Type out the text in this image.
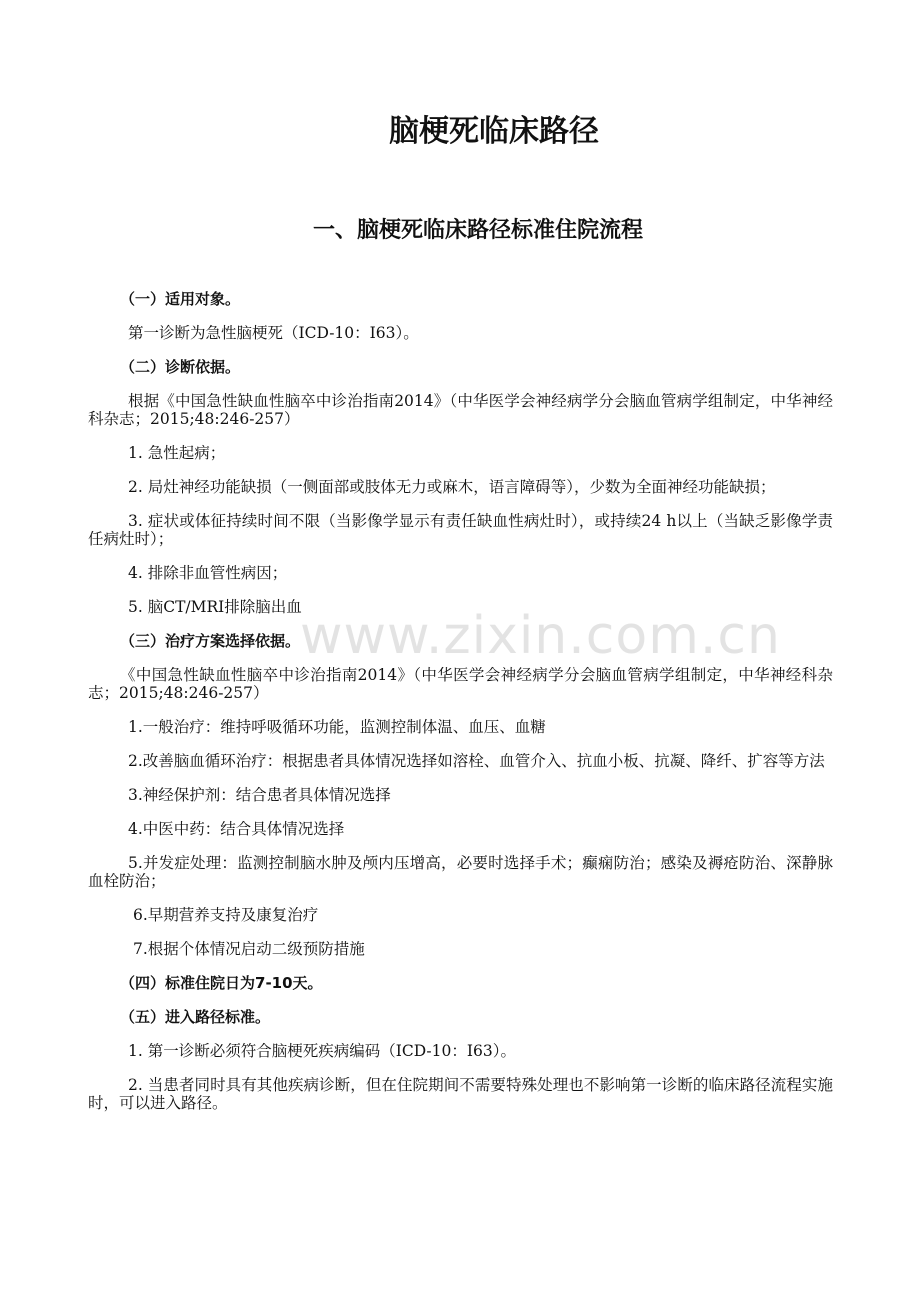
www.zixin.com.cn
脑梗死临床路径
一、脑梗死临床路径标准住院流程

（一）适用对象。

第一诊断为急性脑梗死（ICD-10：I63）。

（二）诊断依据。

根据《中国急性缺血性脑卒中诊治指南2014》（中华医学会神经病学分会脑血管病学组制定，中华神经科杂志；2015;48:246-257）

1. 急性起病；

2. 局灶神经功能缺损（一侧面部或肢体无力或麻木，语言障碍等），少数为全面神经功能缺损；

3. 症状或体征持续时间不限（当影像学显示有责任缺血性病灶时），或持续24 h以上（当缺乏影像学责任病灶时）；

4. 排除非血管性病因；

5. 脑CT/MRI排除脑出血

（三）治疗方案选择依据。

《中国急性缺血性脑卒中诊治指南2014》（中华医学会神经病学分会脑血管病学组制定，中华神经科杂志；2015;48:246-257）

1.一般治疗：维持呼吸循环功能，监测控制体温、血压、血糖

2.改善脑血循环治疗：根据患者具体情况选择如溶栓、血管介入、抗血小板、抗凝、降纤、扩容等方法

3.神经保护剂：结合患者具体情况选择

4.中医中药：结合具体情况选择

5.并发症处理：监测控制脑水肿及颅内压增高，必要时选择手术；癫痫防治；感染及褥疮防治、深静脉血栓防治；

6.早期营养支持及康复治疗

7.根据个体情况启动二级预防措施

（四）标准住院日为7-10天。

（五）进入路径标准。

1. 第一诊断必须符合脑梗死疾病编码（ICD-10：I63）。

2. 当患者同时具有其他疾病诊断，但在住院期间不需要特殊处理也不影响第一诊断的临床路径流程实施时，可以进入路径。
